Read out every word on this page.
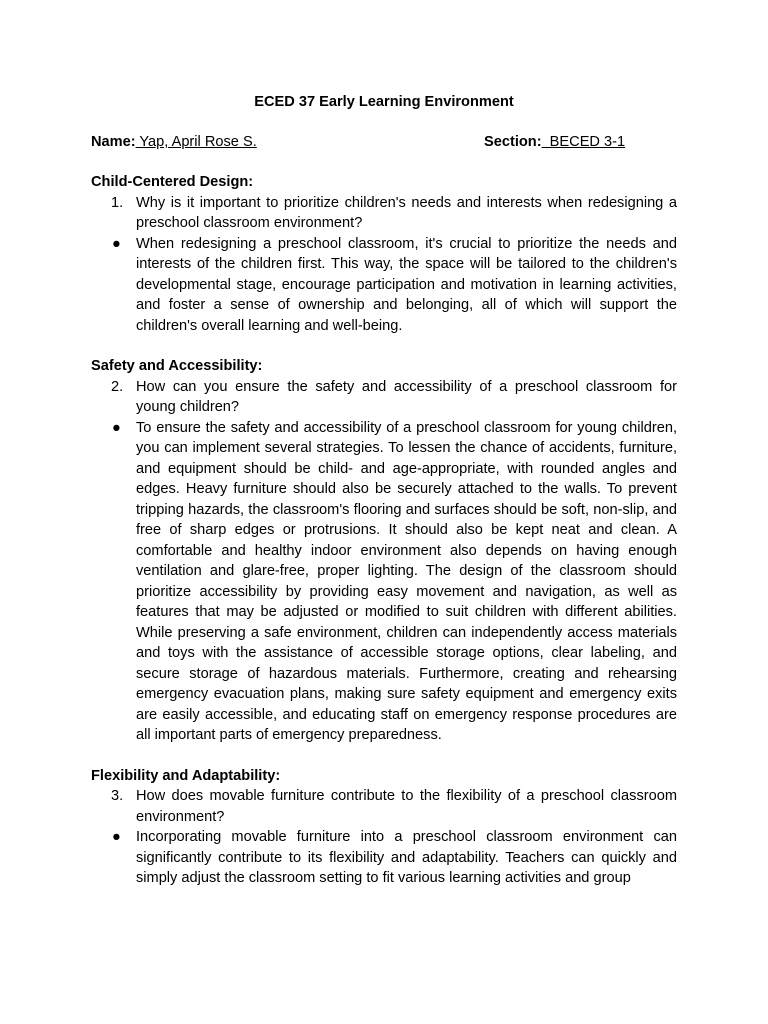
ECED 37 Early Learning Environment
Name: Yap, April Rose S.	Section:  BECED 3-1
Child-Centered Design:
1. Why is it important to prioritize children's needs and interests when redesigning a preschool classroom environment?
● When redesigning a preschool classroom, it's crucial to prioritize the needs and interests of the children first. This way, the space will be tailored to the children's developmental stage, encourage participation and motivation in learning activities, and foster a sense of ownership and belonging, all of which will support the children's overall learning and well-being.
Safety and Accessibility:
2. How can you ensure the safety and accessibility of a preschool classroom for young children?
● To ensure the safety and accessibility of a preschool classroom for young children, you can implement several strategies. To lessen the chance of accidents, furniture, and equipment should be child- and age-appropriate, with rounded angles and edges. Heavy furniture should also be securely attached to the walls. To prevent tripping hazards, the classroom's flooring and surfaces should be soft, non-slip, and free of sharp edges or protrusions. It should also be kept neat and clean. A comfortable and healthy indoor environment also depends on having enough ventilation and glare-free, proper lighting. The design of the classroom should prioritize accessibility by providing easy movement and navigation, as well as features that may be adjusted or modified to suit children with different abilities. While preserving a safe environment, children can independently access materials and toys with the assistance of accessible storage options, clear labeling, and secure storage of hazardous materials. Furthermore, creating and rehearsing emergency evacuation plans, making sure safety equipment and emergency exits are easily accessible, and educating staff on emergency response procedures are all important parts of emergency preparedness.
Flexibility and Adaptability:
3. How does movable furniture contribute to the flexibility of a preschool classroom environment?
● Incorporating movable furniture into a preschool classroom environment can significantly contribute to its flexibility and adaptability. Teachers can quickly and simply adjust the classroom setting to fit various learning activities and group
